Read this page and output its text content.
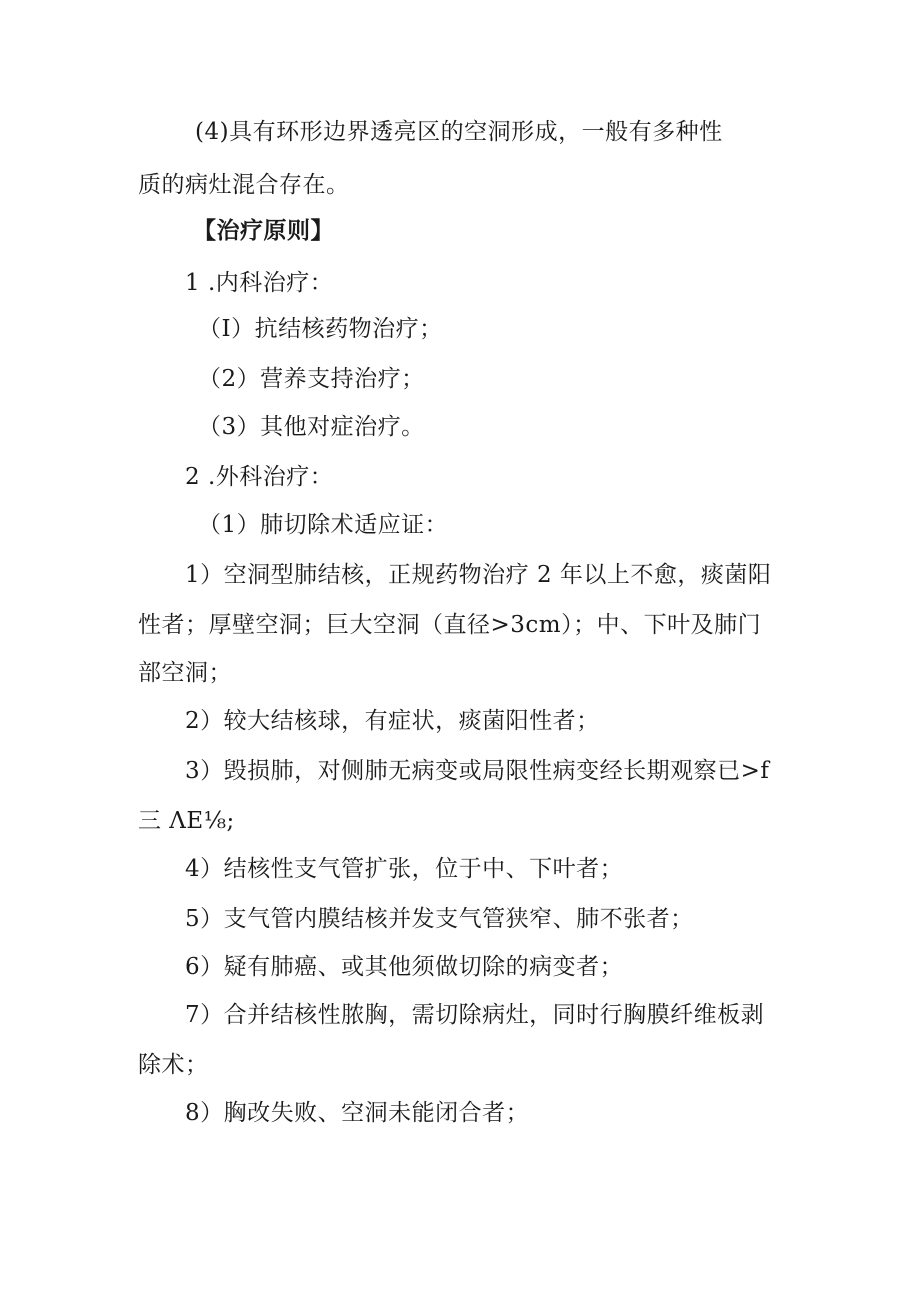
(4)具有环形边界透亮区的空洞形成，一般有多种性
质的病灶混合存在。
【治疗原则】
1 .内科治疗：
（I）抗结核药物治疗；
（2）营养支持治疗；
（3）其他对症治疗。
2 .外科治疗：
（1）肺切除术适应证：
1）空洞型肺结核，正规药物治疗 2 年以上不愈，痰菌阳
性者；厚壁空洞；巨大空洞（直径>3cm）；中、下叶及肺门
部空洞；
2）较大结核球，有症状，痰菌阳性者；
3）毁损肺，对侧肺无病变或局限性病变经长期观察已>f
三 ΛE⅛;
4）结核性支气管扩张，位于中、下叶者；
5）支气管内膜结核并发支气管狭窄、肺不张者；
6）疑有肺癌、或其他须做切除的病变者；
7）合并结核性脓胸，需切除病灶，同时行胸膜纤维板剥
除术；
8）胸改失败、空洞未能闭合者；
